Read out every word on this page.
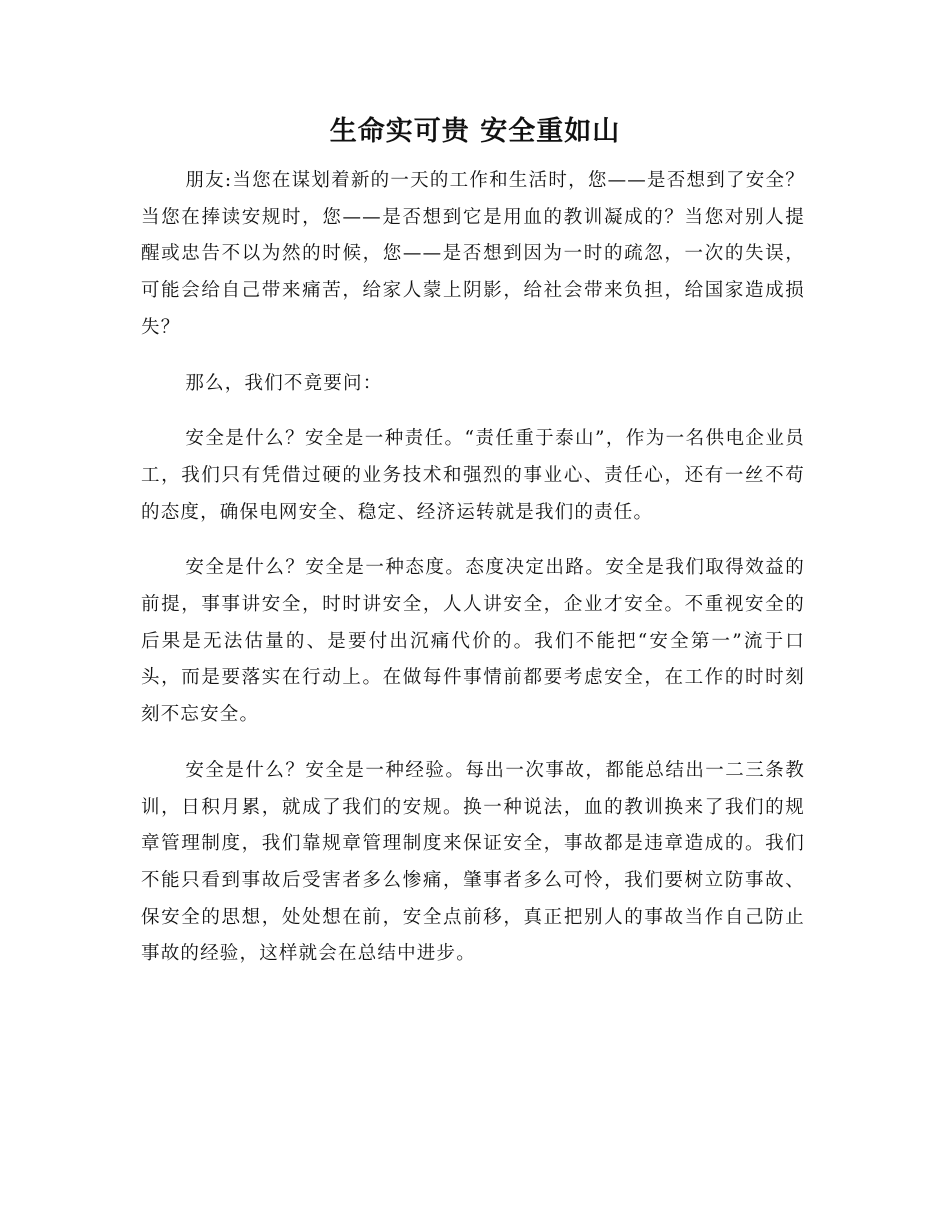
生命实可贵 安全重如山

朋友:当您在谋划着新的一天的工作和生活时，您——是否想到了安全？当您在捧读安规时，您——是否想到它是用血的教训凝成的？当您对别人提醒或忠告不以为然的时候，您——是否想到因为一时的疏忽，一次的失误，可能会给自己带来痛苦，给家人蒙上阴影，给社会带来负担，给国家造成损失？

那么，我们不竟要问：

安全是什么？安全是一种责任。“责任重于泰山”，作为一名供电企业员工，我们只有凭借过硬的业务技术和强烈的事业心、责任心，还有一丝不苟的态度，确保电网安全、稳定、经济运转就是我们的责任。

安全是什么？安全是一种态度。态度决定出路。安全是我们取得效益的前提，事事讲安全，时时讲安全，人人讲安全，企业才安全。不重视安全的后果是无法估量的、是要付出沉痛代价的。我们不能把“安全第一”流于口头，而是要落实在行动上。在做每件事情前都要考虑安全，在工作的时时刻刻不忘安全。

安全是什么？安全是一种经验。每出一次事故，都能总结出一二三条教训，日积月累，就成了我们的安规。换一种说法，血的教训换来了我们的规章管理制度，我们靠规章管理制度来保证安全，事故都是违章造成的。我们不能只看到事故后受害者多么惨痛，肇事者多么可怜，我们要树立防事故、保安全的思想，处处想在前，安全点前移，真正把别人的事故当作自己防止事故的经验，这样就会在总结中进步。
